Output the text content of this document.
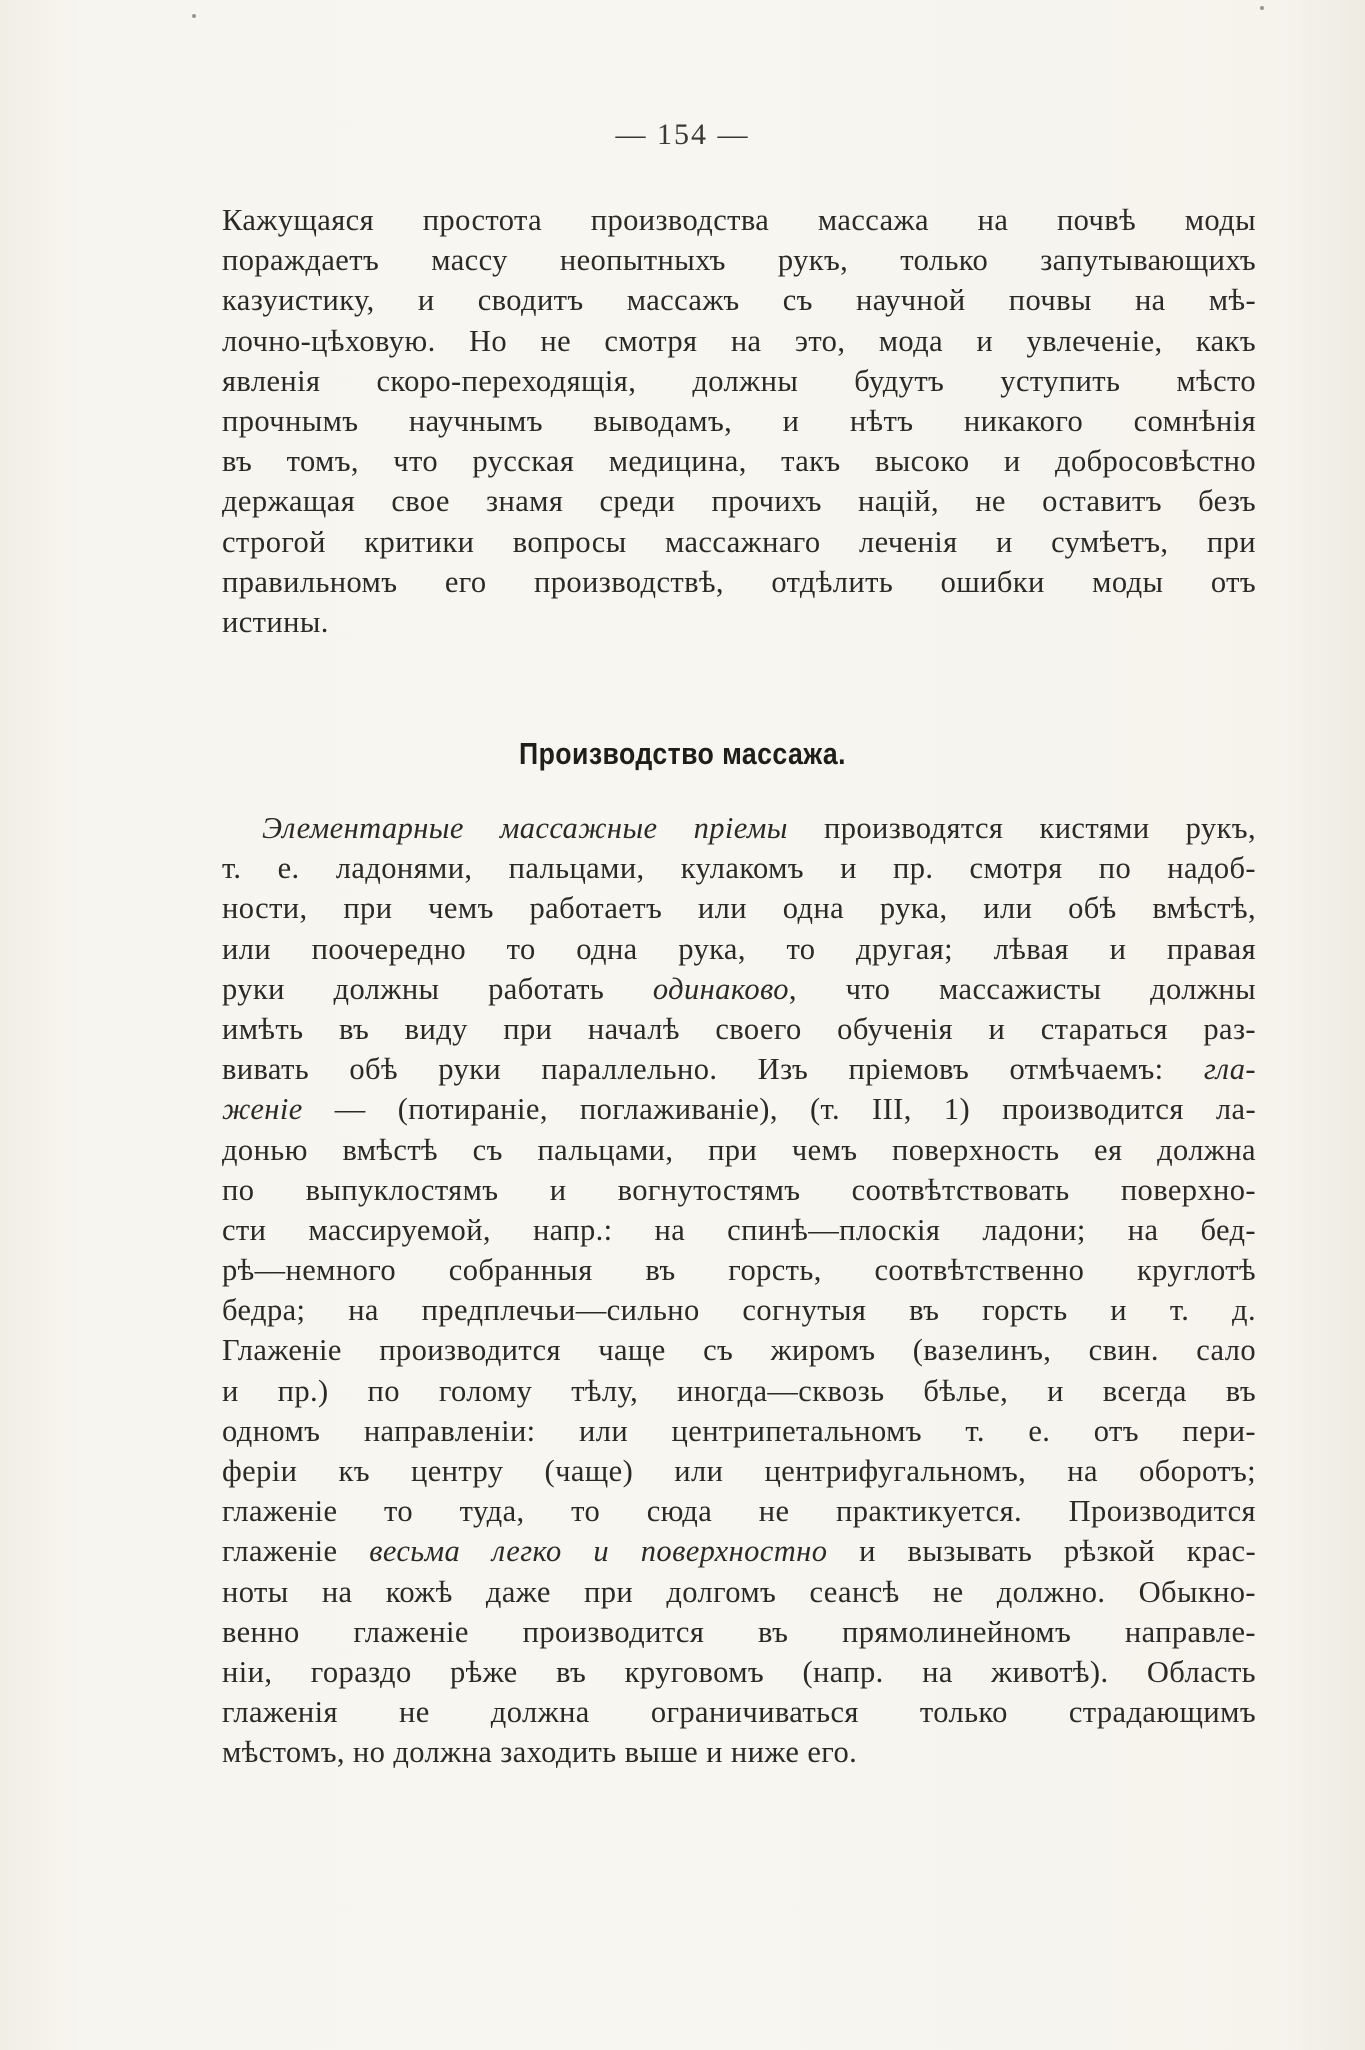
— 154 —
Кажущаяся простота производства массажа на почвѣ моды
пораждаетъ массу неопытныхъ рукъ, только запутывающихъ
казуистику, и сводитъ массажъ съ научной почвы на мѣ-
лочно-цѣховую. Но не смотря на это, мода и увлеченіе, какъ
явленія скоро-переходящія, должны будутъ уступить мѣсто
прочнымъ научнымъ выводамъ, и нѣтъ никакого сомнѣнія
въ томъ, что русская медицина, такъ высоко и добросовѣстно
держащая свое знамя среди прочихъ націй, не оставитъ безъ
строгой критики вопросы массажнаго леченія и сумѣетъ, при
правильномъ его производствѣ, отдѣлить ошибки моды отъ
истины.
Производство массажа.
Элементарные массажные пріемы производятся кистями рукъ,
т. е. ладонями, пальцами, кулакомъ и пр. смотря по надоб-
ности, при чемъ работаетъ или одна рука, или обѣ вмѣстѣ,
или поочередно то одна рука, то другая; лѣвая и правая
руки должны работать одинаково, что массажисты должны
имѣть въ виду при началѣ своего обученія и стараться раз-
вивать обѣ руки параллельно. Изъ пріемовъ отмѣчаемъ: гла-
женіе — (потираніе, поглаживаніе), (т. III, 1) производится ла-
донью вмѣстѣ съ пальцами, при чемъ поверхность ея должна
по выпуклостямъ и вогнутостямъ соотвѣтствовать поверхно-
сти массируемой, напр.: на спинѣ—плоскія ладони; на бед-
рѣ—немного собранныя въ горсть, соотвѣтственно круглотѣ
бедра; на предплечьи—сильно согнутыя въ горсть и т. д.
Глаженіе производится чаще съ жиромъ (вазелинъ, свин. сало
и пр.) по голому тѣлу, иногда—сквозь бѣлье, и всегда въ
одномъ направленіи: или центрипетальномъ т. е. отъ пери-
феріи къ центру (чаще) или центрифугальномъ, на оборотъ;
глаженіе то туда, то сюда не практикуется. Производится
глаженіе весьма легко и поверхностно и вызывать рѣзкой крас-
ноты на кожѣ даже при долгомъ сеансѣ не должно. Обыкно-
венно глаженіе производится въ прямолинейномъ направле-
ніи, гораздо рѣже въ круговомъ (напр. на животѣ). Область
глаженія не должна ограничиваться только страдающимъ
мѣстомъ, но должна заходить выше и ниже его.
